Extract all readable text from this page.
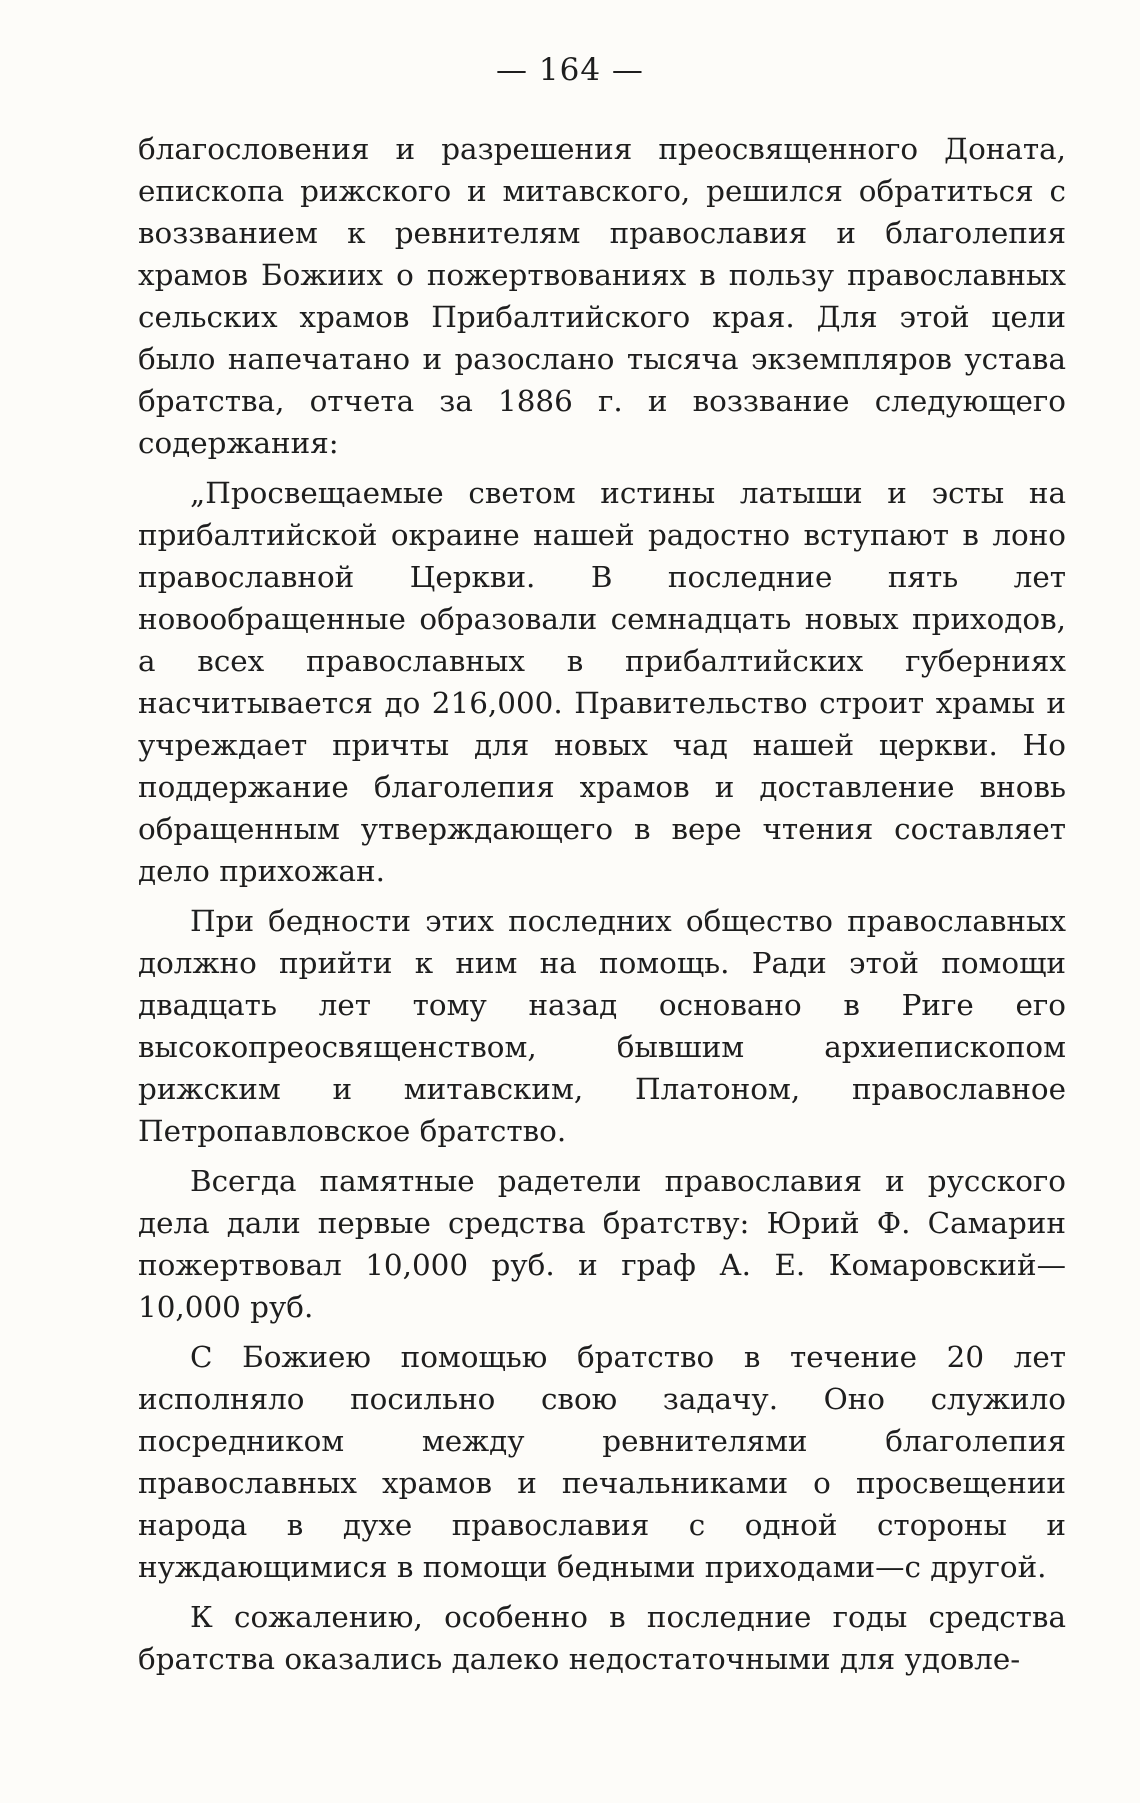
— 164 —

благословения и разрешения преосвященного Доната, епископа рижского и митавского, решился обратиться с воззванием к ревнителям православия и благолепия храмов Божиих о пожертвованиях в пользу православных сельских храмов Прибалтийского края. Для этой цели было напечатано и разослано тысяча экземпляров устава братства, отчета за 1886 г. и воззвание следующего содержания:

„Просвещаемые светом истины латыши и эсты на прибалтийской окраине нашей радостно вступают в лоно православной Церкви. В последние пять лет новообращенные образовали семнадцать новых приходов, а всех православных в прибалтийских губерниях насчитывается до 216,000. Правительство строит храмы и учреждает причты для новых чад нашей церкви. Но поддержание благолепия храмов и доставление вновь обращенным утверждающего в вере чтения составляет дело прихожан.

При бедности этих последних общество православных должно прийти к ним на помощь. Ради этой помощи двадцать лет тому назад основано в Риге его высокопреосвященством, бывшим архиепископом рижским и митавским, Платоном, православное Петропавловское братство.

Всегда памятные радетели православия и русского дела дали первые средства братству: Юрий Ф. Самарин пожертвовал 10,000 руб. и граф А. Е. Комаровский— 10,000 руб.

С Божиею помощью братство в течение 20 лет исполняло посильно свою задачу. Оно служило посредником между ревнителями благолепия православных храмов и печальниками о просвещении народа в духе православия с одной стороны и нуждающимися в помощи бедными приходами—с другой.

К сожалению, особенно в последние годы средства братства оказались далеко недостаточными для удовле-
